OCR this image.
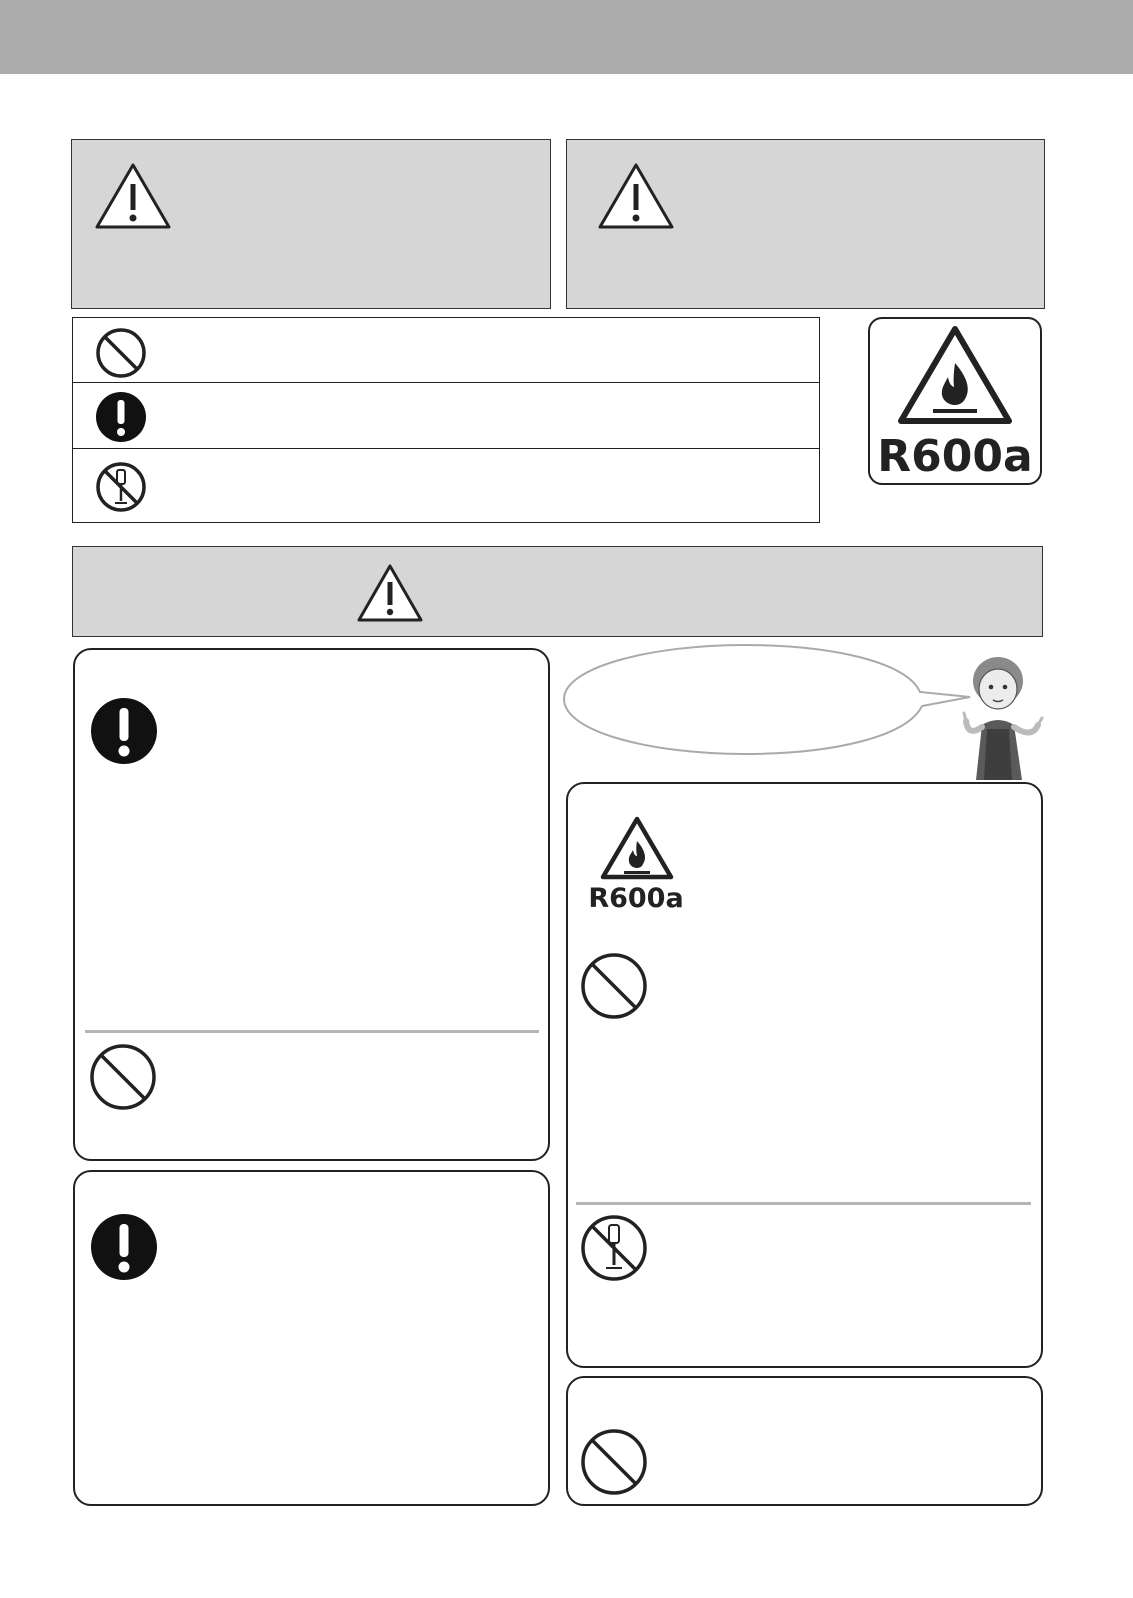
R600a
R600a
